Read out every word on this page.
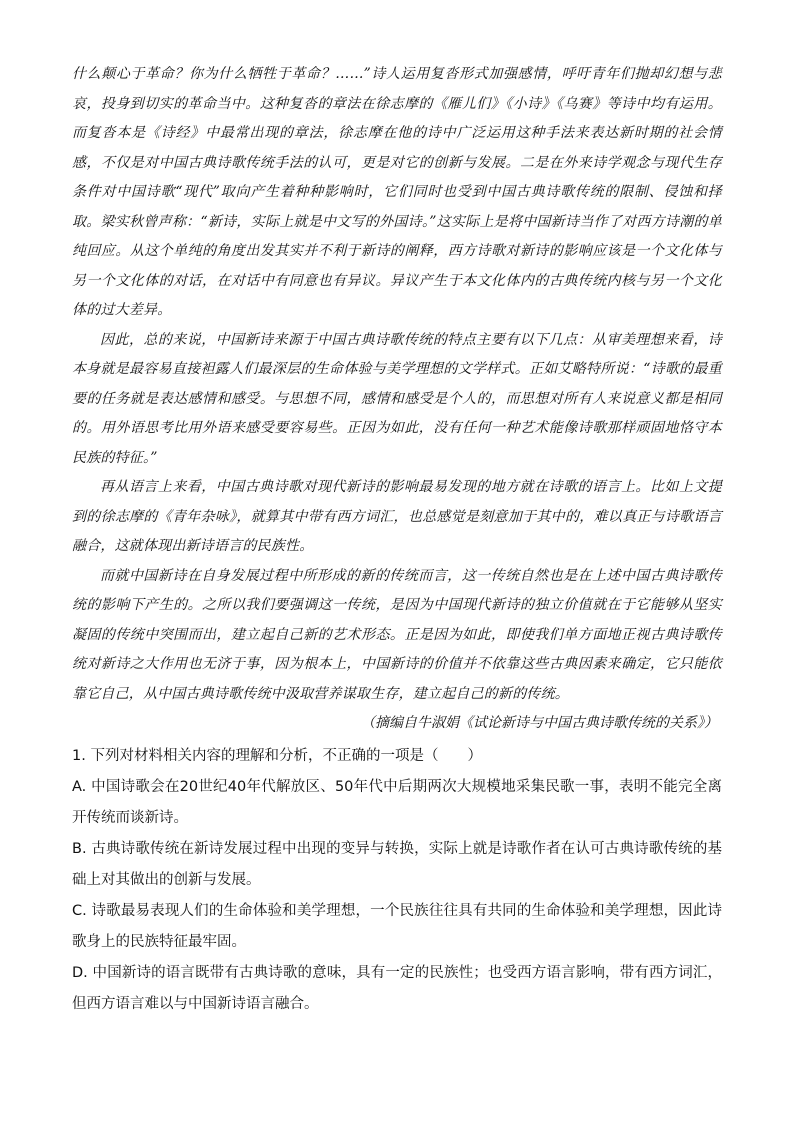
什么颠心于革命？你为什么牺牲于革命？……”诗人运用复沓形式加强感情，呼吁青年们抛却幻想与悲哀，投身到切实的革命当中。这种复沓的章法在徐志摩的《雁儿们》《小诗》《乌赛》等诗中均有运用。而复沓本是《诗经》中最常出现的章法，徐志摩在他的诗中广泛运用这种手法来表达新时期的社会情感，不仅是对中国古典诗歌传统手法的认可，更是对它的创新与发展。二是在外来诗学观念与现代生存条件对中国诗歌“现代”取向产生着种种影响时，它们同时也受到中国古典诗歌传统的限制、侵蚀和择取。梁实秋曾声称：“新诗，实际上就是中文写的外国诗。”这实际上是将中国新诗当作了对西方诗潮的单纯回应。从这个单纯的角度出发其实并不利于新诗的阐释，西方诗歌对新诗的影响应该是一个文化体与另一个文化体的对话，在对话中有同意也有异议。异议产生于本文化体内的古典传统内核与另一个文化体的过大差异。

因此，总的来说，中国新诗来源于中国古典诗歌传统的特点主要有以下几点：从审美理想来看，诗本身就是最容易直接袒露人们最深层的生命体验与美学理想的文学样式。正如艾略特所说：“诗歌的最重要的任务就是表达感情和感受。与思想不同，感情和感受是个人的，而思想对所有人来说意义都是相同的。用外语思考比用外语来感受要容易些。正因为如此，没有任何一种艺术能像诗歌那样顽固地恪守本民族的特征。”

再从语言上来看，中国古典诗歌对现代新诗的影响最易发现的地方就在诗歌的语言上。比如上文提到的徐志摩的《青年杂咏》，就算其中带有西方词汇，也总感觉是刻意加于其中的，难以真正与诗歌语言融合，这就体现出新诗语言的民族性。

而就中国新诗在自身发展过程中所形成的新的传统而言，这一传统自然也是在上述中国古典诗歌传统的影响下产生的。之所以我们要强调这一传统，是因为中国现代新诗的独立价值就在于它能够从坚实凝固的传统中突围而出，建立起自己新的艺术形态。正是因为如此，即使我们单方面地正视古典诗歌传统对新诗之大作用也无济于事，因为根本上，中国新诗的价值并不依靠这些古典因素来确定，它只能依靠它自己，从中国古典诗歌传统中汲取营养谋取生存，建立起自己的新的传统。

（摘编自牛淑娟《试论新诗与中国古典诗歌传统的关系》）

1. 下列对材料相关内容的理解和分析，不正确的一项是（　　）

A. 中国诗歌会在20世纪40年代解放区、50年代中后期两次大规模地采集民歌一事，表明不能完全离开传统而谈新诗。

B. 古典诗歌传统在新诗发展过程中出现的变异与转换，实际上就是诗歌作者在认可古典诗歌传统的基础上对其做出的创新与发展。

C. 诗歌最易表现人们的生命体验和美学理想，一个民族往往具有共同的生命体验和美学理想，因此诗歌身上的民族特征最牢固。

D. 中国新诗的语言既带有古典诗歌的意味，具有一定的民族性；也受西方语言影响，带有西方词汇，但西方语言难以与中国新诗语言融合。
